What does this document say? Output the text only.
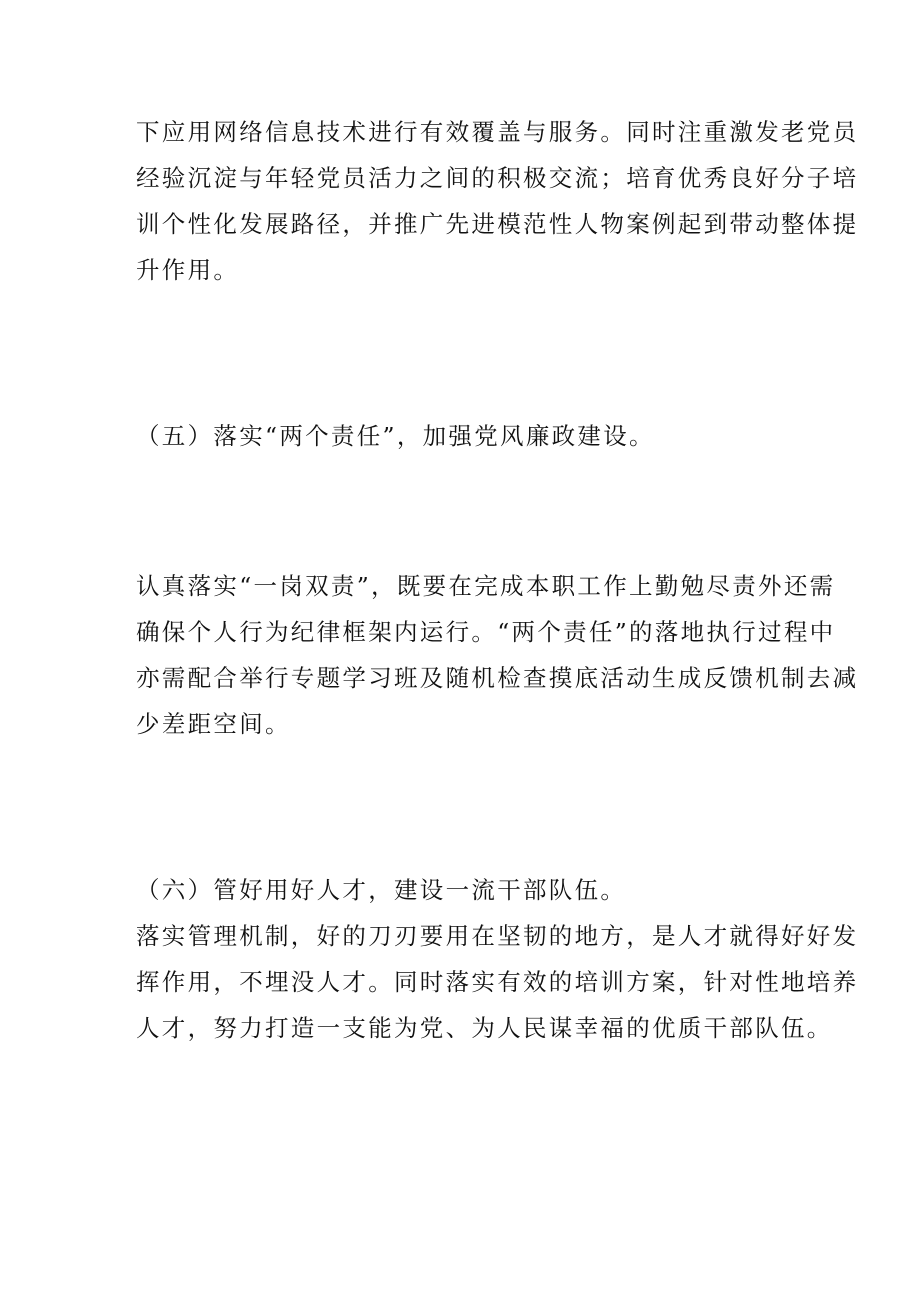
下应用网络信息技术进行有效覆盖与服务。同时注重激发老党员
经验沉淀与年轻党员活力之间的积极交流；培育优秀良好分子培
训个性化发展路径，并推广先进模范性人物案例起到带动整体提
升作用。
（五）落实“两个责任”，加强党风廉政建设。
认真落实“一岗双责”，既要在完成本职工作上勤勉尽责外还需
确保个人行为纪律框架内运行。“两个责任”的落地执行过程中
亦需配合举行专题学习班及随机检查摸底活动生成反馈机制去减
少差距空间。
（六）管好用好人才，建设一流干部队伍。
落实管理机制，好的刀刃要用在坚韧的地方，是人才就得好好发
挥作用，不埋没人才。同时落实有效的培训方案，针对性地培养
人才，努力打造一支能为党、为人民谋幸福的优质干部队伍。
